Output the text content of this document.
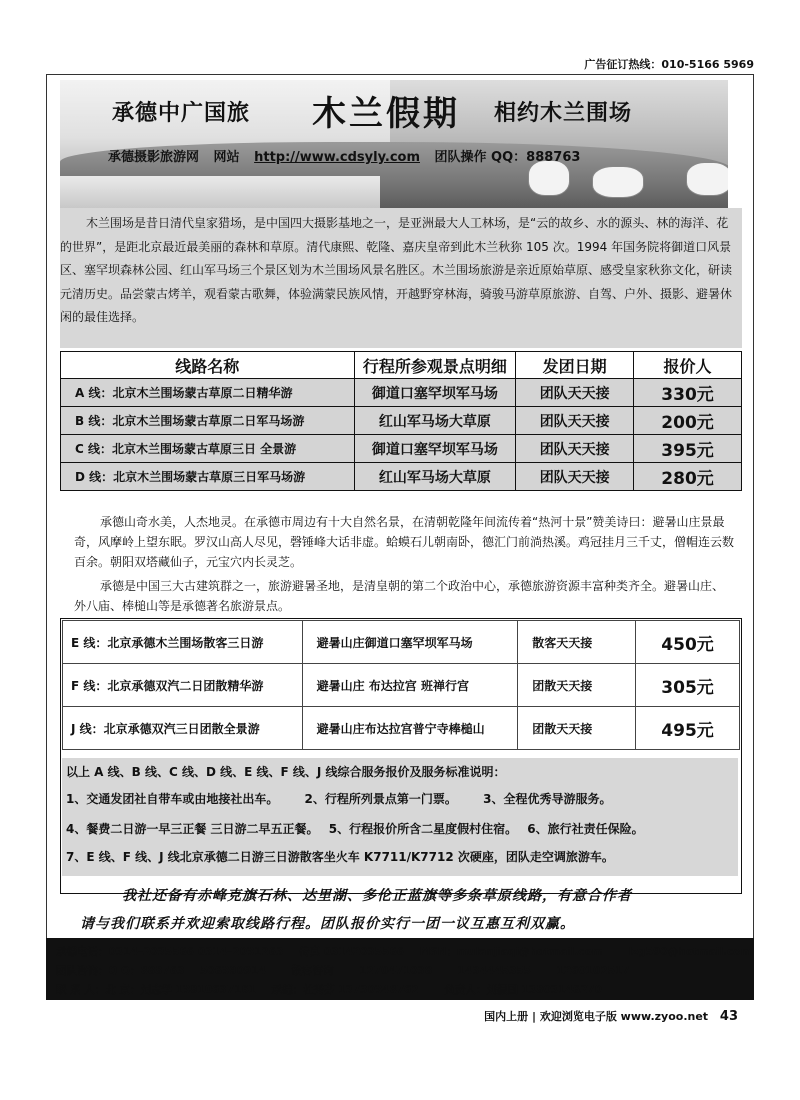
广告征订热线：010-5166 5969
承德中广国旅 木兰假期 相约木兰围场
承德摄影旅游网 网站 http://www.cdsyly.com 团队操作 QQ：888763
木兰围场是昔日清代皇家猎场，是中国四大摄影基地之一，是亚洲最大人工林场，是“云的故乡、水的源头、林的海洋、花的世界”，是距北京最近最美丽的森林和草原。清代康熙、乾隆、嘉庆皇帝到此木兰秋狝 105 次。1994 年国务院将御道口风景区、塞罕坝森林公园、红山军马场三个景区划为木兰围场风景名胜区。木兰围场旅游是亲近原始草原、感受皇家秋狝文化，研读元清历史。品尝蒙古烤羊，观看蒙古歌舞，体验满蒙民族风情，开越野穿林海，骑骏马游草原旅游、自驾、户外、摄影、避暑休闲的最佳选择。
线路名称	行程所参观景点明细	发团日期	报价人
A 线：北京木兰围场蒙古草原二日精华游	御道口塞罕坝军马场	团队天天接	330元
B 线：北京木兰围场蒙古草原二日军马场游	红山军马场大草原	团队天天接	200元
C 线：北京木兰围场蒙古草原三日 全景游	御道口塞罕坝军马场	团队天天接	395元
D 线：北京木兰围场蒙古草原三日军马场游	红山军马场大草原	团队天天接	280元
承德山奇水美，人杰地灵。在承德市周边有十大自然名景，在清朝乾隆年间流传着“热河十景”赞美诗曰：避暑山庄景最奇，风摩岭上望东眠。罗汉山高人尽见，磬锤峰大话非虚。蛤蟆石儿朝南卧，德汇门前淌热溪。鸡冠挂月三千丈，僧帽连云数百余。朝阳双塔藏仙子，元宝穴内长灵芝。
承德是中国三大古建筑群之一，旅游避暑圣地，是清皇朝的第二个政治中心，承德旅游资源丰富种类齐全。避暑山庄、外八庙、棒槌山等是承德著名旅游景点。
E 线：北京承德木兰围场散客三日游	避暑山庄御道口塞罕坝军马场	散客天天接	450元
F 线：北京承德双汽二日团散精华游	避暑山庄 布达拉宫 班禅行宫	团散天天接	305元
J 线：北京承德双汽三日团散全景游	避暑山庄布达拉宫普宁寺棒槌山	团散天天接	495元
以上 A 线、B 线、C 线、D 线、E 线、F 线、J 线综合服务报价及服务标准说明：
1、交通发团社自带车或由地接社出车。 2、行程所列景点第一门票。 3、全程优秀导游服务。
4、餐费二日游一早三正餐 三日游二早五正餐。 5、行程报价所含二星度假村住宿。 6、旅行社责任保险。
7、E 线、F 线、J 线北京承德二日游三日游散客坐火车 K7711/K7712 次硬座，团队走空调旅游车。

我社还备有赤峰克旗石林、达里湖、多伦正蓝旗等多条草原线路，有意合作者

请与我们联系并欢迎索取线路行程。团队报价实行一团一议互惠互利双赢。

承德电话：0314–2035566 0314–2031263 传真 03142035566 MSN：mulanjiaqi@hotmail.com lzg590@hotmail.com
团队咨询：Q Q：888763 506390914 散客咨询 1270471038 1434445355 1260102517
联 系 人：北 京：刘志学 13810637161 承德：杜秀芬 13730348762 负责人：刘振国 13803146270
国内上册 | 欢迎浏览电子版 www.zyoo.net 43
